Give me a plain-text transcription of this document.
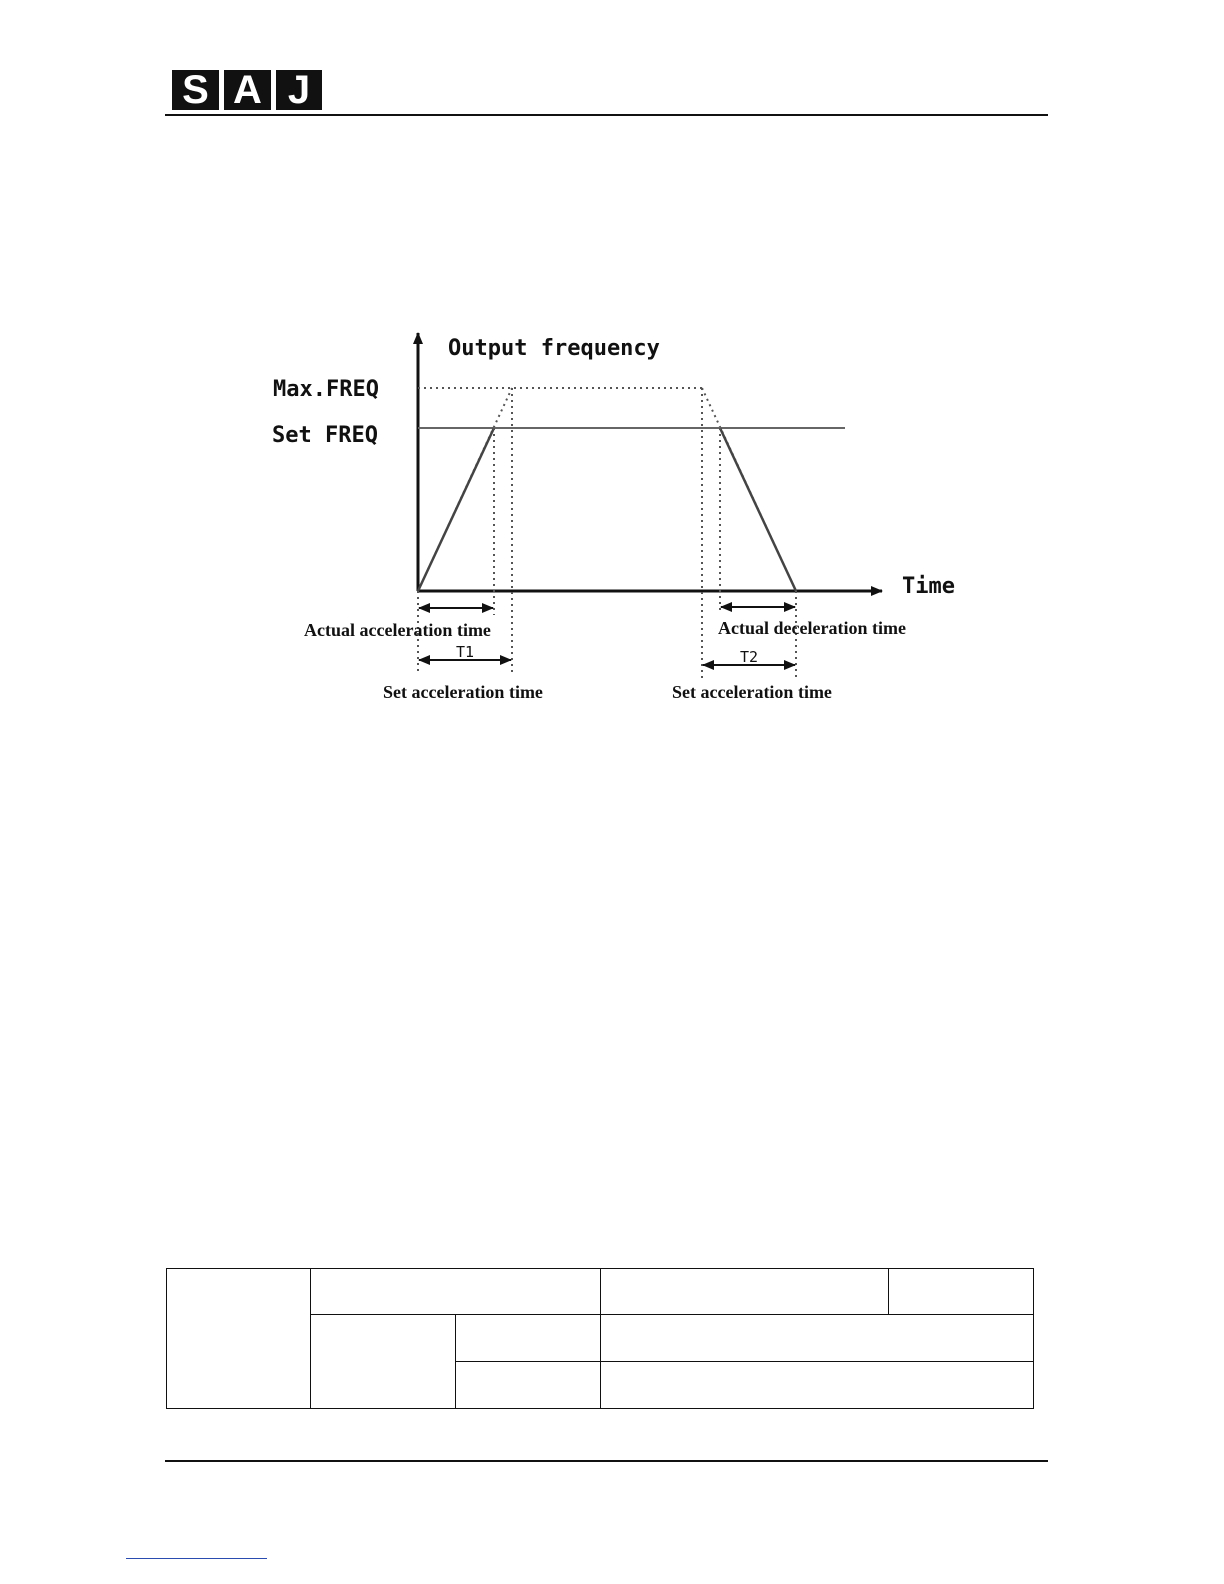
S A J
Output frequency
Time
Max.FREQ
Set FREQ
Actual acceleration time	Actual deceleration time
T1	T2
Set acceleration time	Set acceleration time
